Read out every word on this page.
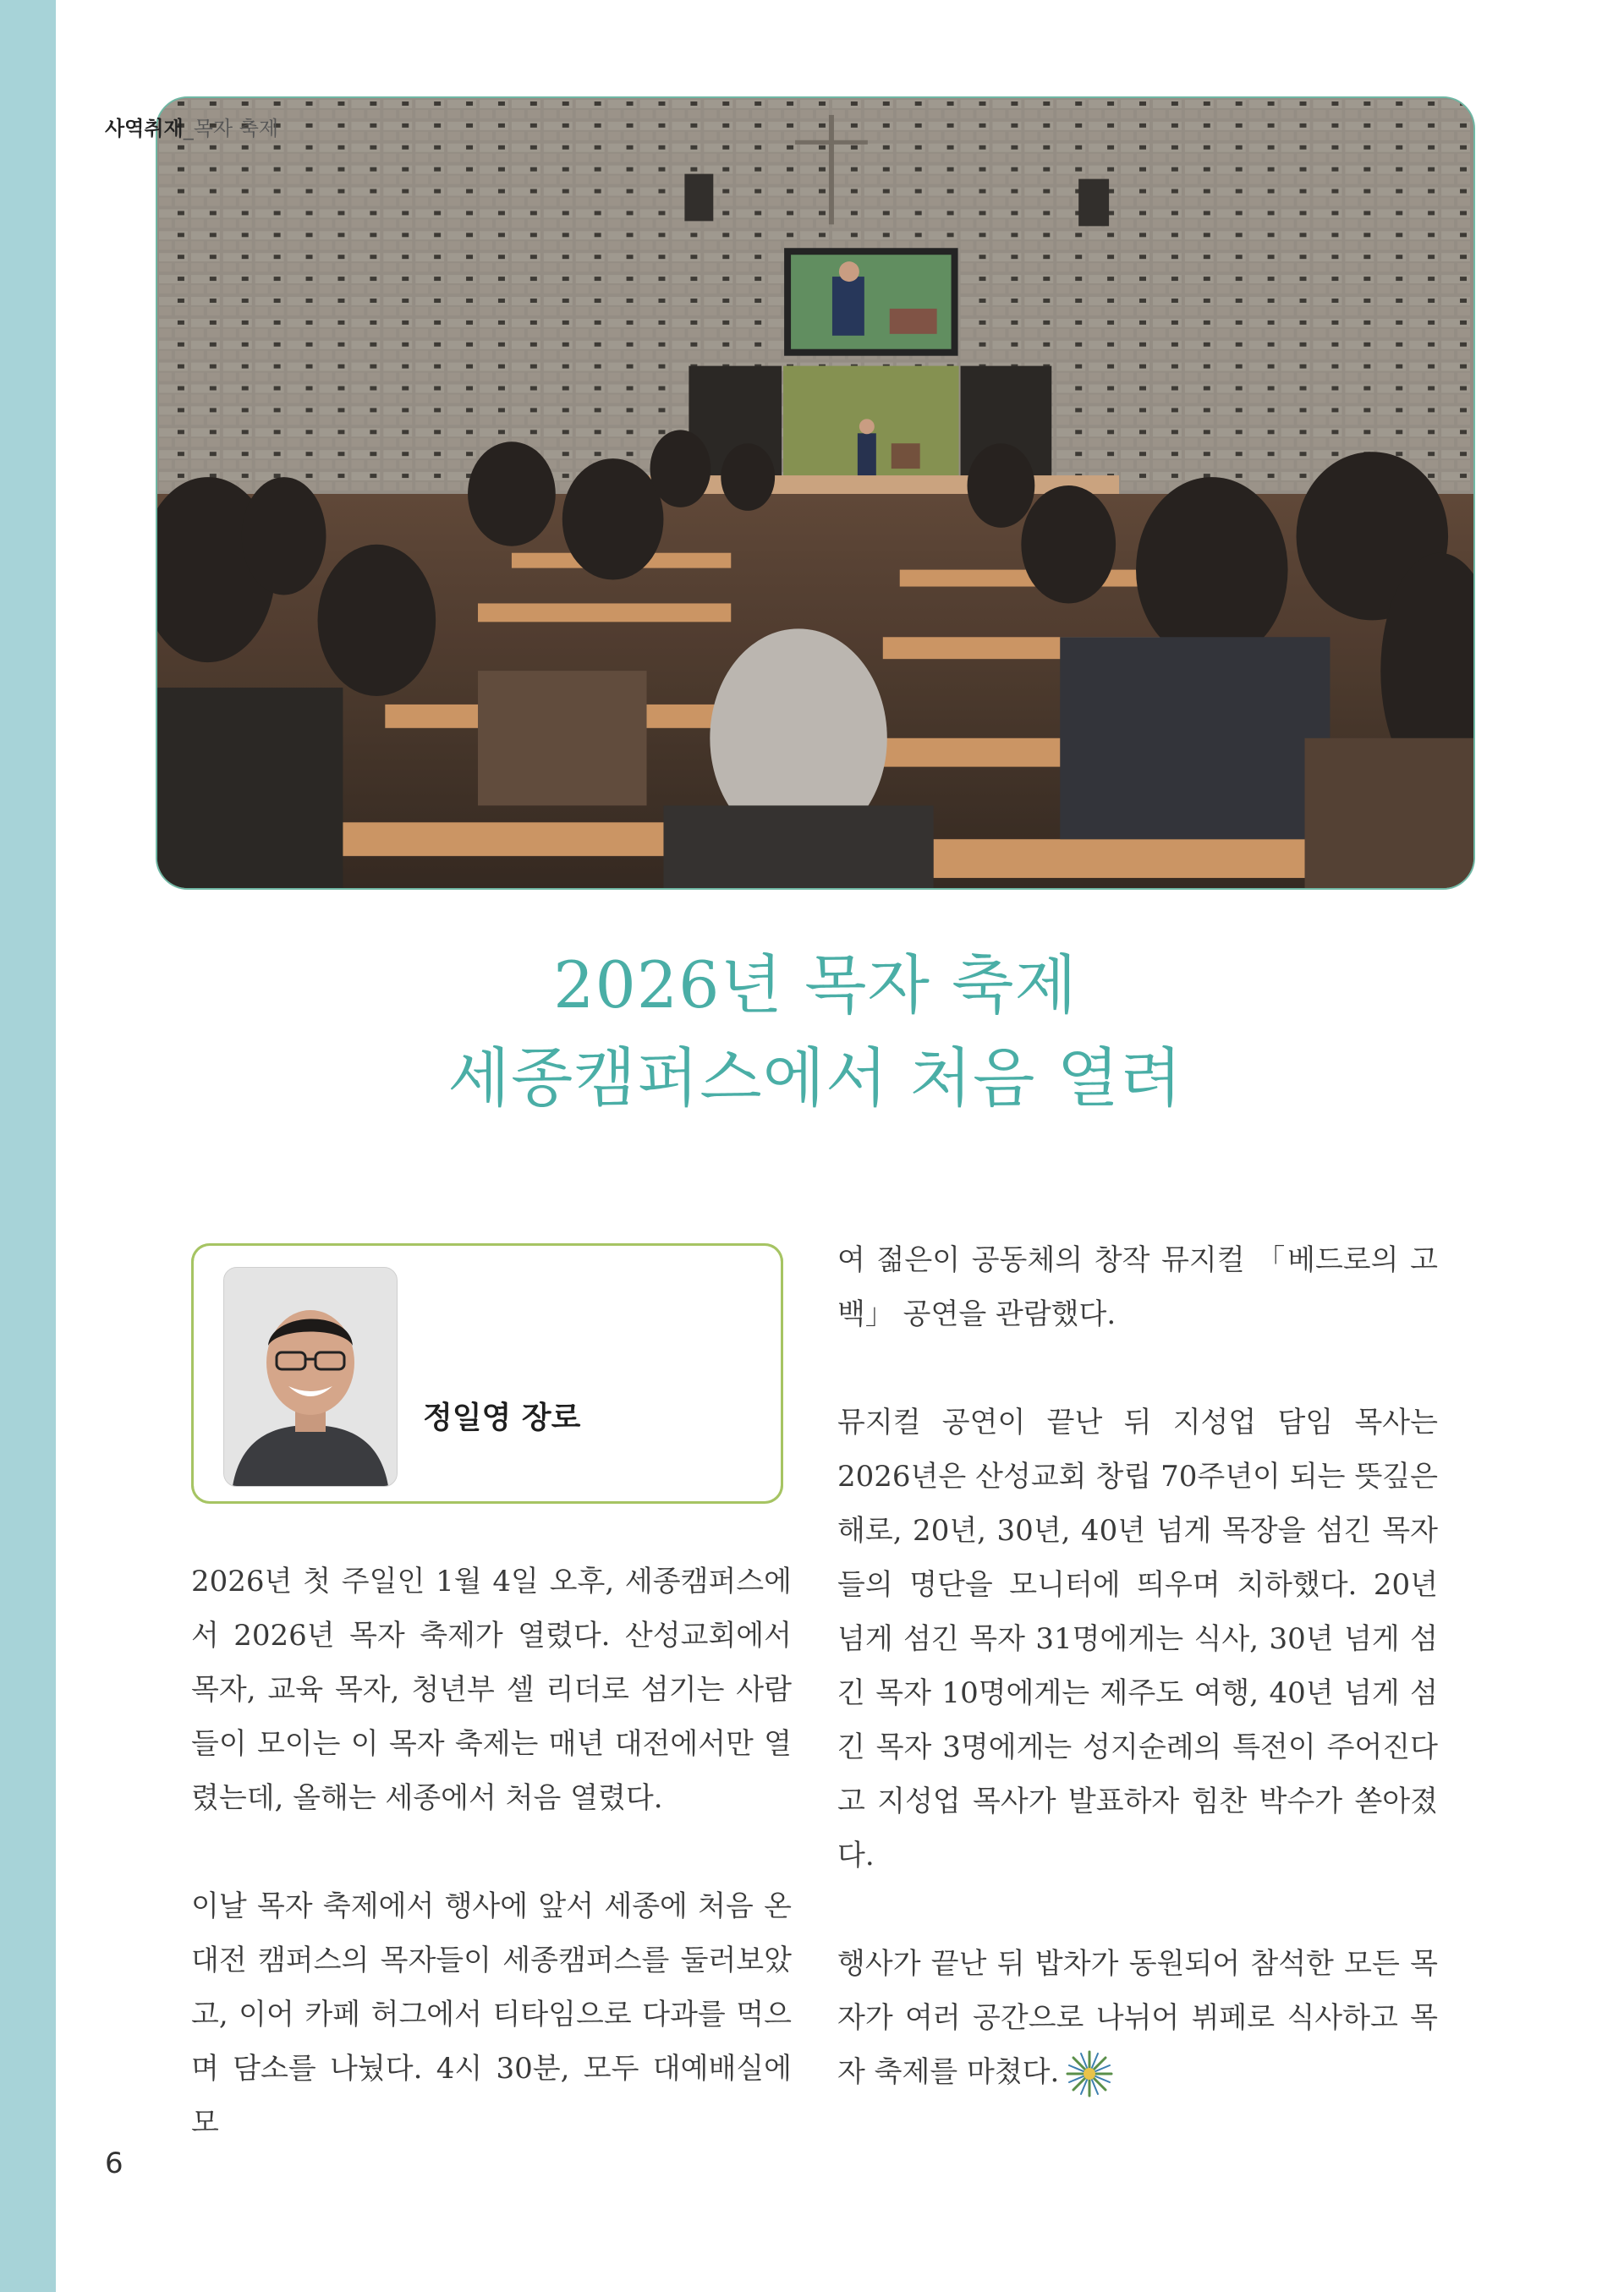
사역취재_목자 축제
2026년 목자 축제
세종캠퍼스에서 처음 열려
정일영 장로

2026년 첫 주일인 1월 4일 오후, 세종캠퍼스에서 2026년 목자 축제가 열렸다. 산성교회에서 목자, 교육 목자, 청년부 셀 리더로 섬기는 사람들이 모이는 이 목자 축제는 매년 대전에서만 열렸는데, 올해는 세종에서 처음 열렸다.

이날 목자 축제에서 행사에 앞서 세종에 처음 온 대전 캠퍼스의 목자들이 세종캠퍼스를 둘러보았고, 이어 카페 허그에서 티타임으로 다과를 먹으며 담소를 나눴다. 4시 30분, 모두 대예배실에 모

여 젊은이 공동체의 창작 뮤지컬 「베드로의 고백」 공연을 관람했다.

뮤지컬 공연이 끝난 뒤 지성업 담임 목사는 2026년은 산성교회 창립 70주년이 되는 뜻깊은 해로, 20년, 30년, 40년 넘게 목장을 섬긴 목자들의 명단을 모니터에 띄우며 치하했다. 20년 넘게 섬긴 목자 31명에게는 식사, 30년 넘게 섬긴 목자 10명에게는 제주도 여행, 40년 넘게 섬긴 목자 3명에게는 성지순례의 특전이 주어진다고 지성업 목사가 발표하자 힘찬 박수가 쏟아졌다.

행사가 끝난 뒤 밥차가 동원되어 참석한 모든 목자가 여러 공간으로 나뉘어 뷔페로 식사하고 목자 축제를 마쳤다.

6
